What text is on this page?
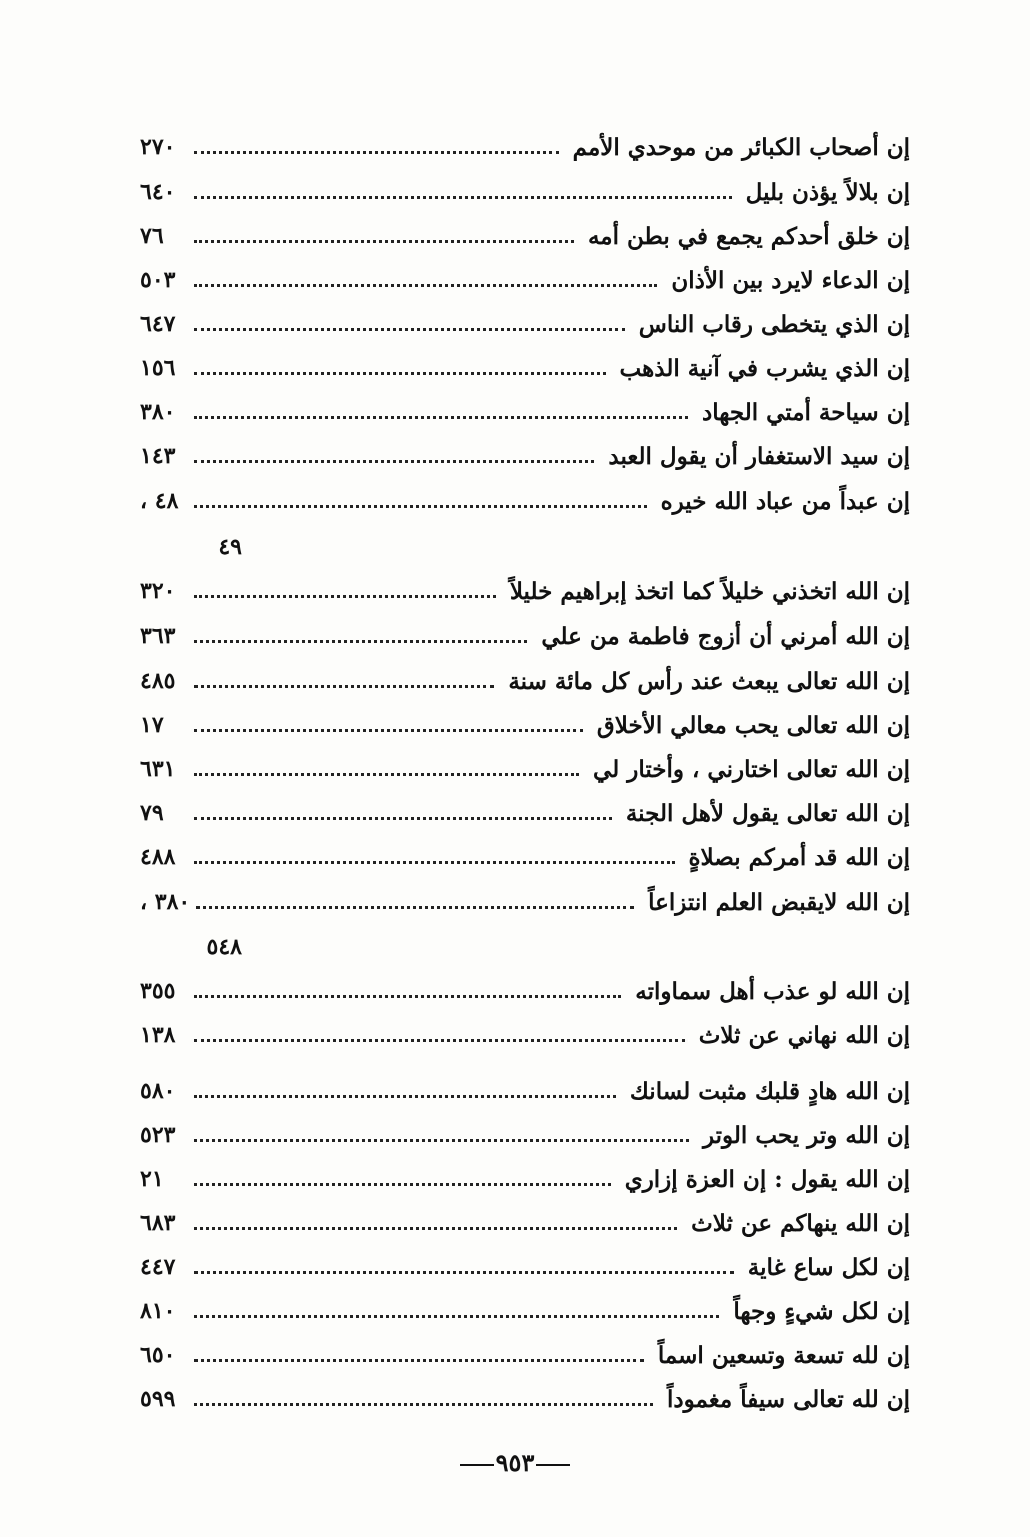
إن أصحاب الكبائر من موحدي الأمم
٢٧٠
إن بلالاً يؤذن بليل
٦٤٠
إن خلق أحدكم يجمع في بطن أمه
٧٦
إن الدعاء لايرد بين الأذان
٥٠٣
إن الذي يتخطى رقاب الناس
٦٤٧
إن الذي يشرب في آنية الذهب
١٥٦
إن سياحة أمتي الجهاد
٣٨٠
إن سيد الاستغفار أن يقول العبد
١٤٣
إن عبداً من عباد الله خيره
٤٨ ،
٤٩
إن الله اتخذني خليلاً كما اتخذ إبراهيم خليلاً
٣٢٠
إن الله أمرني أن أزوج فاطمة من علي
٣٦٣
إن الله تعالى يبعث عند رأس كل مائة سنة
٤٨٥
إن الله تعالى يحب معالي الأخلاق
١٧
إن الله تعالى اختارني ، وأختار لي
٦٣١
إن الله تعالى يقول لأهل الجنة
٧٩
إن الله قد أمركم بصلاةٍ
٤٨٨
إن الله لايقبض العلم انتزاعاً
٣٨٠ ،
٥٤٨
إن الله لو عذب أهل سماواته
٣٥٥
إن الله نهاني عن ثلاث
١٣٨
إن الله هادٍ قلبك مثبت لسانك
٥٨٠
إن الله وتر يحب الوتر
٥٢٣
إن الله يقول : إن العزة إزاري
٢١
إن الله ينهاكم عن ثلاث
٦٨٣
إن لكل ساع غاية
٤٤٧
إن لكل شيءٍ وجهاً
٨١٠
إن لله تسعة وتسعين اسماً
٦٥٠
إن لله تعالى سيفاً مغموداً
٥٩٩
٩٥٣
